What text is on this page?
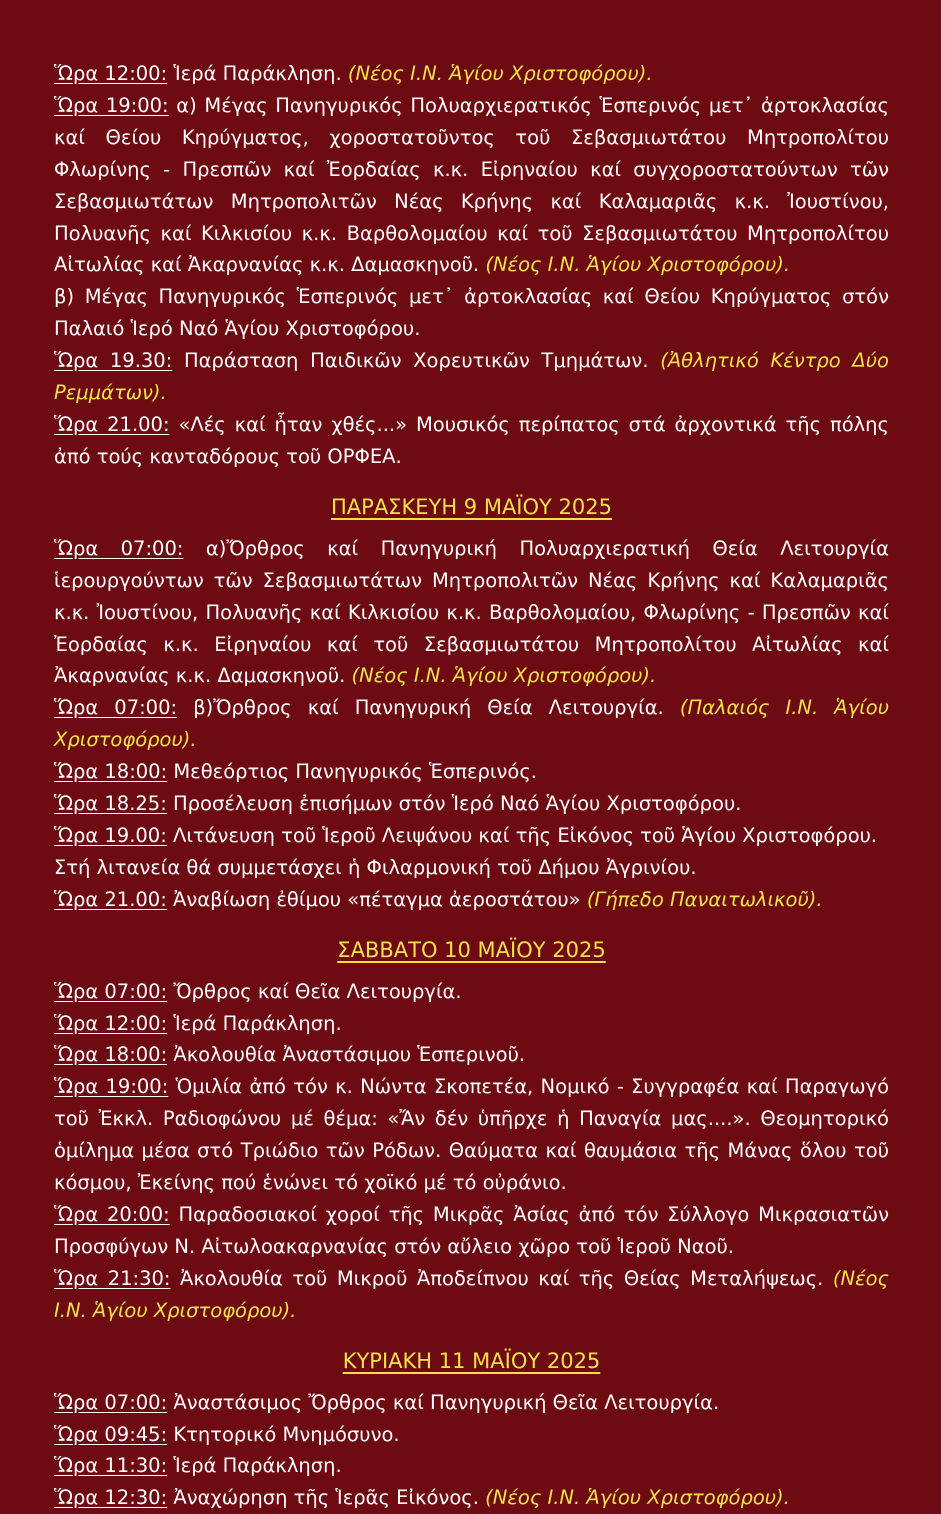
Ὥρα 12:00: Ἱερά Παράκληση. (Νέος Ι.Ν. Ἁγίου Χριστοφόρου).
Ὥρα 19:00: α) Μέγας Πανηγυρικός Πολυαρχιερατικός Ἑσπερινός μετ᾽ ἀρτοκλασίας καί Θείου Κηρύγματος, χοροστατοῦντος τοῦ Σεβασμιωτάτου Μητροπολίτου Φλωρίνης - Πρεσπῶν καί Ἐορδαίας κ.κ. Εἰρηναίου καί συγχοροστατούντων τῶν Σεβασμιωτάτων Μητροπολιτῶν Νέας Κρήνης καί Καλαμαριᾶς κ.κ. Ἰουστίνου, Πολυανῆς καί Κιλκισίου κ.κ. Βαρθολομαίου καί τοῦ Σεβασμιωτάτου Μητροπολίτου Αἰτωλίας καί Ἀκαρνανίας κ.κ. Δαμασκηνοῦ. (Νέος Ι.Ν. Ἁγίου Χριστοφόρου).
β) Μέγας Πανηγυρικός Ἑσπερινός μετ᾽ ἀρτοκλασίας καί Θείου Κηρύγματος στόν Παλαιό Ἱερό Ναό Ἁγίου Χριστοφόρου.
Ὥρα 19.30: Παράσταση Παιδικῶν Χορευτικῶν Τμημάτων. (Ἀθλητικό Κέντρο Δύο Ρεμμάτων).
Ὥρα 21.00: «Λές καί ἦταν χθές...» Μουσικός περίπατος στά ἀρχοντικά τῆς πόλης ἀπό τούς κανταδόρους τοῦ ΟΡΦΕΑ.
ΠΑΡΑΣΚΕΥΗ 9 ΜΑΪΟΥ 2025
Ὥρα 07:00: α)Ὄρθρος καί Πανηγυρική Πολυαρχιερατική Θεία Λειτουργία ἱερουργούντων τῶν Σεβασμιωτάτων Μητροπολιτῶν Νέας Κρήνης καί Καλαμαριᾶς κ.κ. Ἰουστίνου, Πολυανῆς καί Κιλκισίου κ.κ. Βαρθολομαίου, Φλωρίνης - Πρεσπῶν καί Ἐορδαίας κ.κ. Εἰρηναίου καί τοῦ Σεβασμιωτάτου Μητροπολίτου Αἰτωλίας καί Ἀκαρνανίας κ.κ. Δαμασκηνοῦ. (Νέος Ι.Ν. Ἁγίου Χριστοφόρου).
Ὥρα 07:00: β)Ὄρθρος καί Πανηγυρική Θεία Λειτουργία. (Παλαιός Ι.Ν. Ἁγίου Χριστοφόρου).
Ὥρα 18:00: Μεθεόρτιος Πανηγυρικός Ἑσπερινός.
Ὥρα 18.25: Προσέλευση ἐπισήμων στόν Ἱερό Ναό Ἁγίου Χριστοφόρου.
Ὥρα 19.00: Λιτάνευση τοῦ Ἱεροῦ Λειψάνου καί τῆς Εἰκόνος τοῦ Ἁγίου Χριστοφόρου.
Στή λιτανεία θά συμμετάσχει ἡ Φιλαρμονική τοῦ Δήμου Ἀγρινίου.
Ὥρα 21.00: Ἀναβίωση ἐθίμου «πέταγμα ἀεροστάτου» (Γήπεδο Παναιτωλικοῦ).
ΣΑΒΒΑΤΟ 10 ΜΑΪΟΥ 2025
Ὥρα 07:00: Ὄρθρος καί Θεῖα Λειτουργία.
Ὥρα 12:00: Ἱερά Παράκληση.
Ὥρα 18:00: Ἀκολουθία Ἀναστάσιμου Ἑσπερινοῦ.
Ὥρα 19:00: Ὁμιλία ἀπό τόν κ. Νώντα Σκοπετέα, Νομικό - Συγγραφέα καί Παραγωγό τοῦ Ἐκκλ. Ραδιοφώνου μέ θέμα: «Ἄν δέν ὑπῆρχε ἡ Παναγία μας....». Θεομητορικό ὁμίλημα μέσα στό Τριώδιο τῶν Ρόδων. Θαύματα καί θαυμάσια τῆς Μάνας ὅλου τοῦ κόσμου, Ἐκείνης πού ἑνώνει τό χοϊκό μέ τό οὐράνιο.
Ὥρα 20:00: Παραδοσιακοί χοροί τῆς Μικρᾶς Ἀσίας ἀπό τόν Σύλλογο Μικρασιατῶν Προσφύγων Ν. Αἰτωλοακαρνανίας στόν αὔλειο χῶρο τοῦ Ἱεροῦ Ναοῦ.
Ὥρα 21:30: Ἀκολουθία τοῦ Μικροῦ Ἀποδείπνου καί τῆς Θείας Μεταλήψεως. (Νέος Ι.Ν. Ἁγίου Χριστοφόρου).
ΚΥΡΙΑΚΗ 11 ΜΑΪΟΥ 2025
Ὥρα 07:00: Ἀναστάσιμος Ὄρθρος καί Πανηγυρική Θεῖα Λειτουργία.
Ὥρα 09:45: Κτητορικό Μνημόσυνο.
Ὥρα 11:30: Ἱερά Παράκληση.
Ὥρα 12:30: Ἀναχώρηση τῆς Ἱερᾶς Εἰκόνος. (Νέος Ι.Ν. Ἁγίου Χριστοφόρου).
